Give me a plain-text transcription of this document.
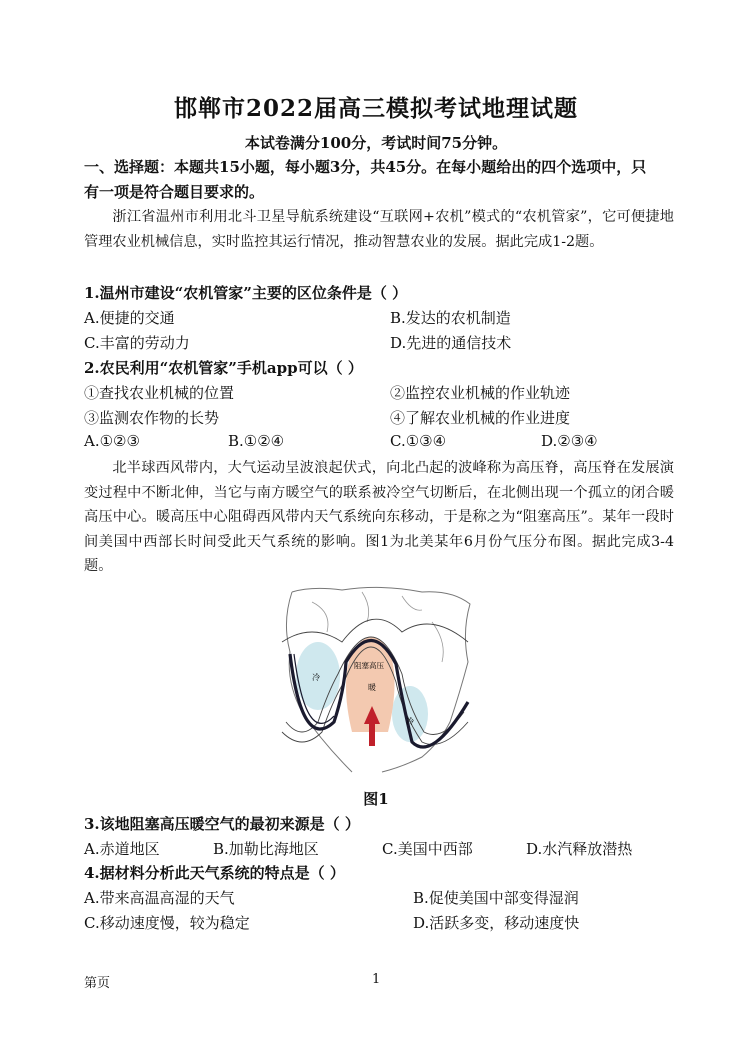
邯郸市2022届高三模拟考试地理试题
本试卷满分100分，考试时间75分钟。
一、选择题：本题共15小题，每小题3分，共45分。在每小题给出的四个选项中，只
有一项是符合题目要求的。
浙江省温州市利用北斗卫星导航系统建设“互联网+农机”模式的“农机管家”，它可便捷地管理农业机械信息，实时监控其运行情况，推动智慧农业的发展。据此完成1-2题。
1.温州市建设“农机管家”主要的区位条件是（ ）
A.便捷的交通	B.发达的农机制造
C.丰富的劳动力	D.先进的通信技术
2.农民利用“农机管家”手机app可以（ ）
①查找农业机械的位置	②监控农业机械的作业轨迹
③监测农作物的长势	④了解农业机械的作业进度
A.①②③	B.①②④	C.①③④	D.②③④
北半球西风带内，大气运动呈波浪起伏式，向北凸起的波峰称为高压脊，高压脊在发展演变过程中不断北伸，当它与南方暖空气的联系被冷空气切断后，在北侧出现一个孤立的闭合暖高压中心。暖高压中心阻碍西风带内天气系统向东移动，于是称之为“阻塞高压”。某年一段时间美国中西部长时间受此天气系统的影响。图1为北美某年6月份气压分布图。据此完成3-4题。
阻塞高压
暖
冷
冷
图1
3.该地阻塞高压暖空气的最初来源是（ ）
A.赤道地区	B.加勒比海地区	C.美国中西部	D.水汽释放潜热
4.据材料分析此天气系统的特点是（ ）
A.带来高温高湿的天气	B.促使美国中部变得湿润
C.移动速度慢，较为稳定	D.活跃多变，移动速度快
第页	1
